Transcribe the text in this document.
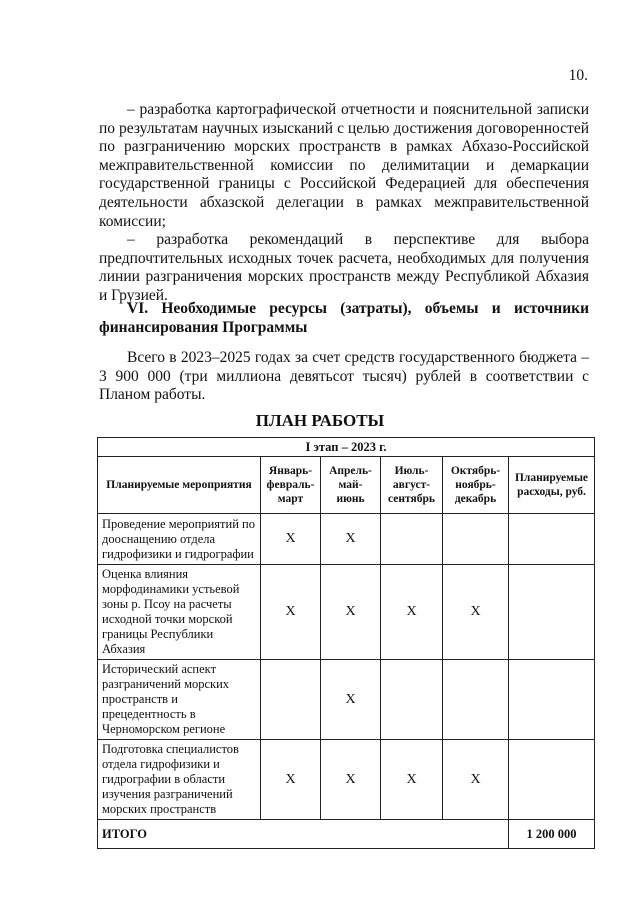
10.

– разработка картографической отчетности и пояснительной записки по результатам научных изысканий с целью достижения договоренностей по разграничению морских пространств в рамках Абхазо-Российской межправительственной комиссии по делимитации и демаркации государственной границы с Российской Федерацией для обеспечения деятельности абхазской делегации в рамках межправительственной комиссии;

– разработка рекомендаций в перспективе для выбора предпочтительных исходных точек расчета, необходимых для получения линии разграничения морских пространств между Республикой Абхазия и Грузией.

VI. Необходимые ресурсы (затраты), объемы и источники финансирования Программы

Всего в 2023–2025 годах за счет средств государственного бюджета – 3 900 000 (три миллиона девятьсот тысяч) рублей в соответствии с Планом работы.

ПЛАН РАБОТЫ
I этап – 2023 г.					
Планируемые мероприятия	Январь-февраль-март	Апрель-май-июнь	Июль-август-сентябрь	Октябрь-ноябрь-декабрь	Планируемые расходы, руб.
Проведение мероприятий по дооснащению отдела гидрофизики и гидрографии	Х	Х			
Оценка влияния морфодинамики устьевой зоны р. Псоу на расчеты исходной точки морской границы Республики Абхазия	Х	Х	Х	Х	
Исторический аспект разграничений морских пространств и прецедентность в Черноморском регионе		Х			
Подготовка специалистов отдела гидрофизики и гидрографии в области изучения разграничений морских пространств	Х	Х	Х	Х	
ИТОГО					1 200 000
